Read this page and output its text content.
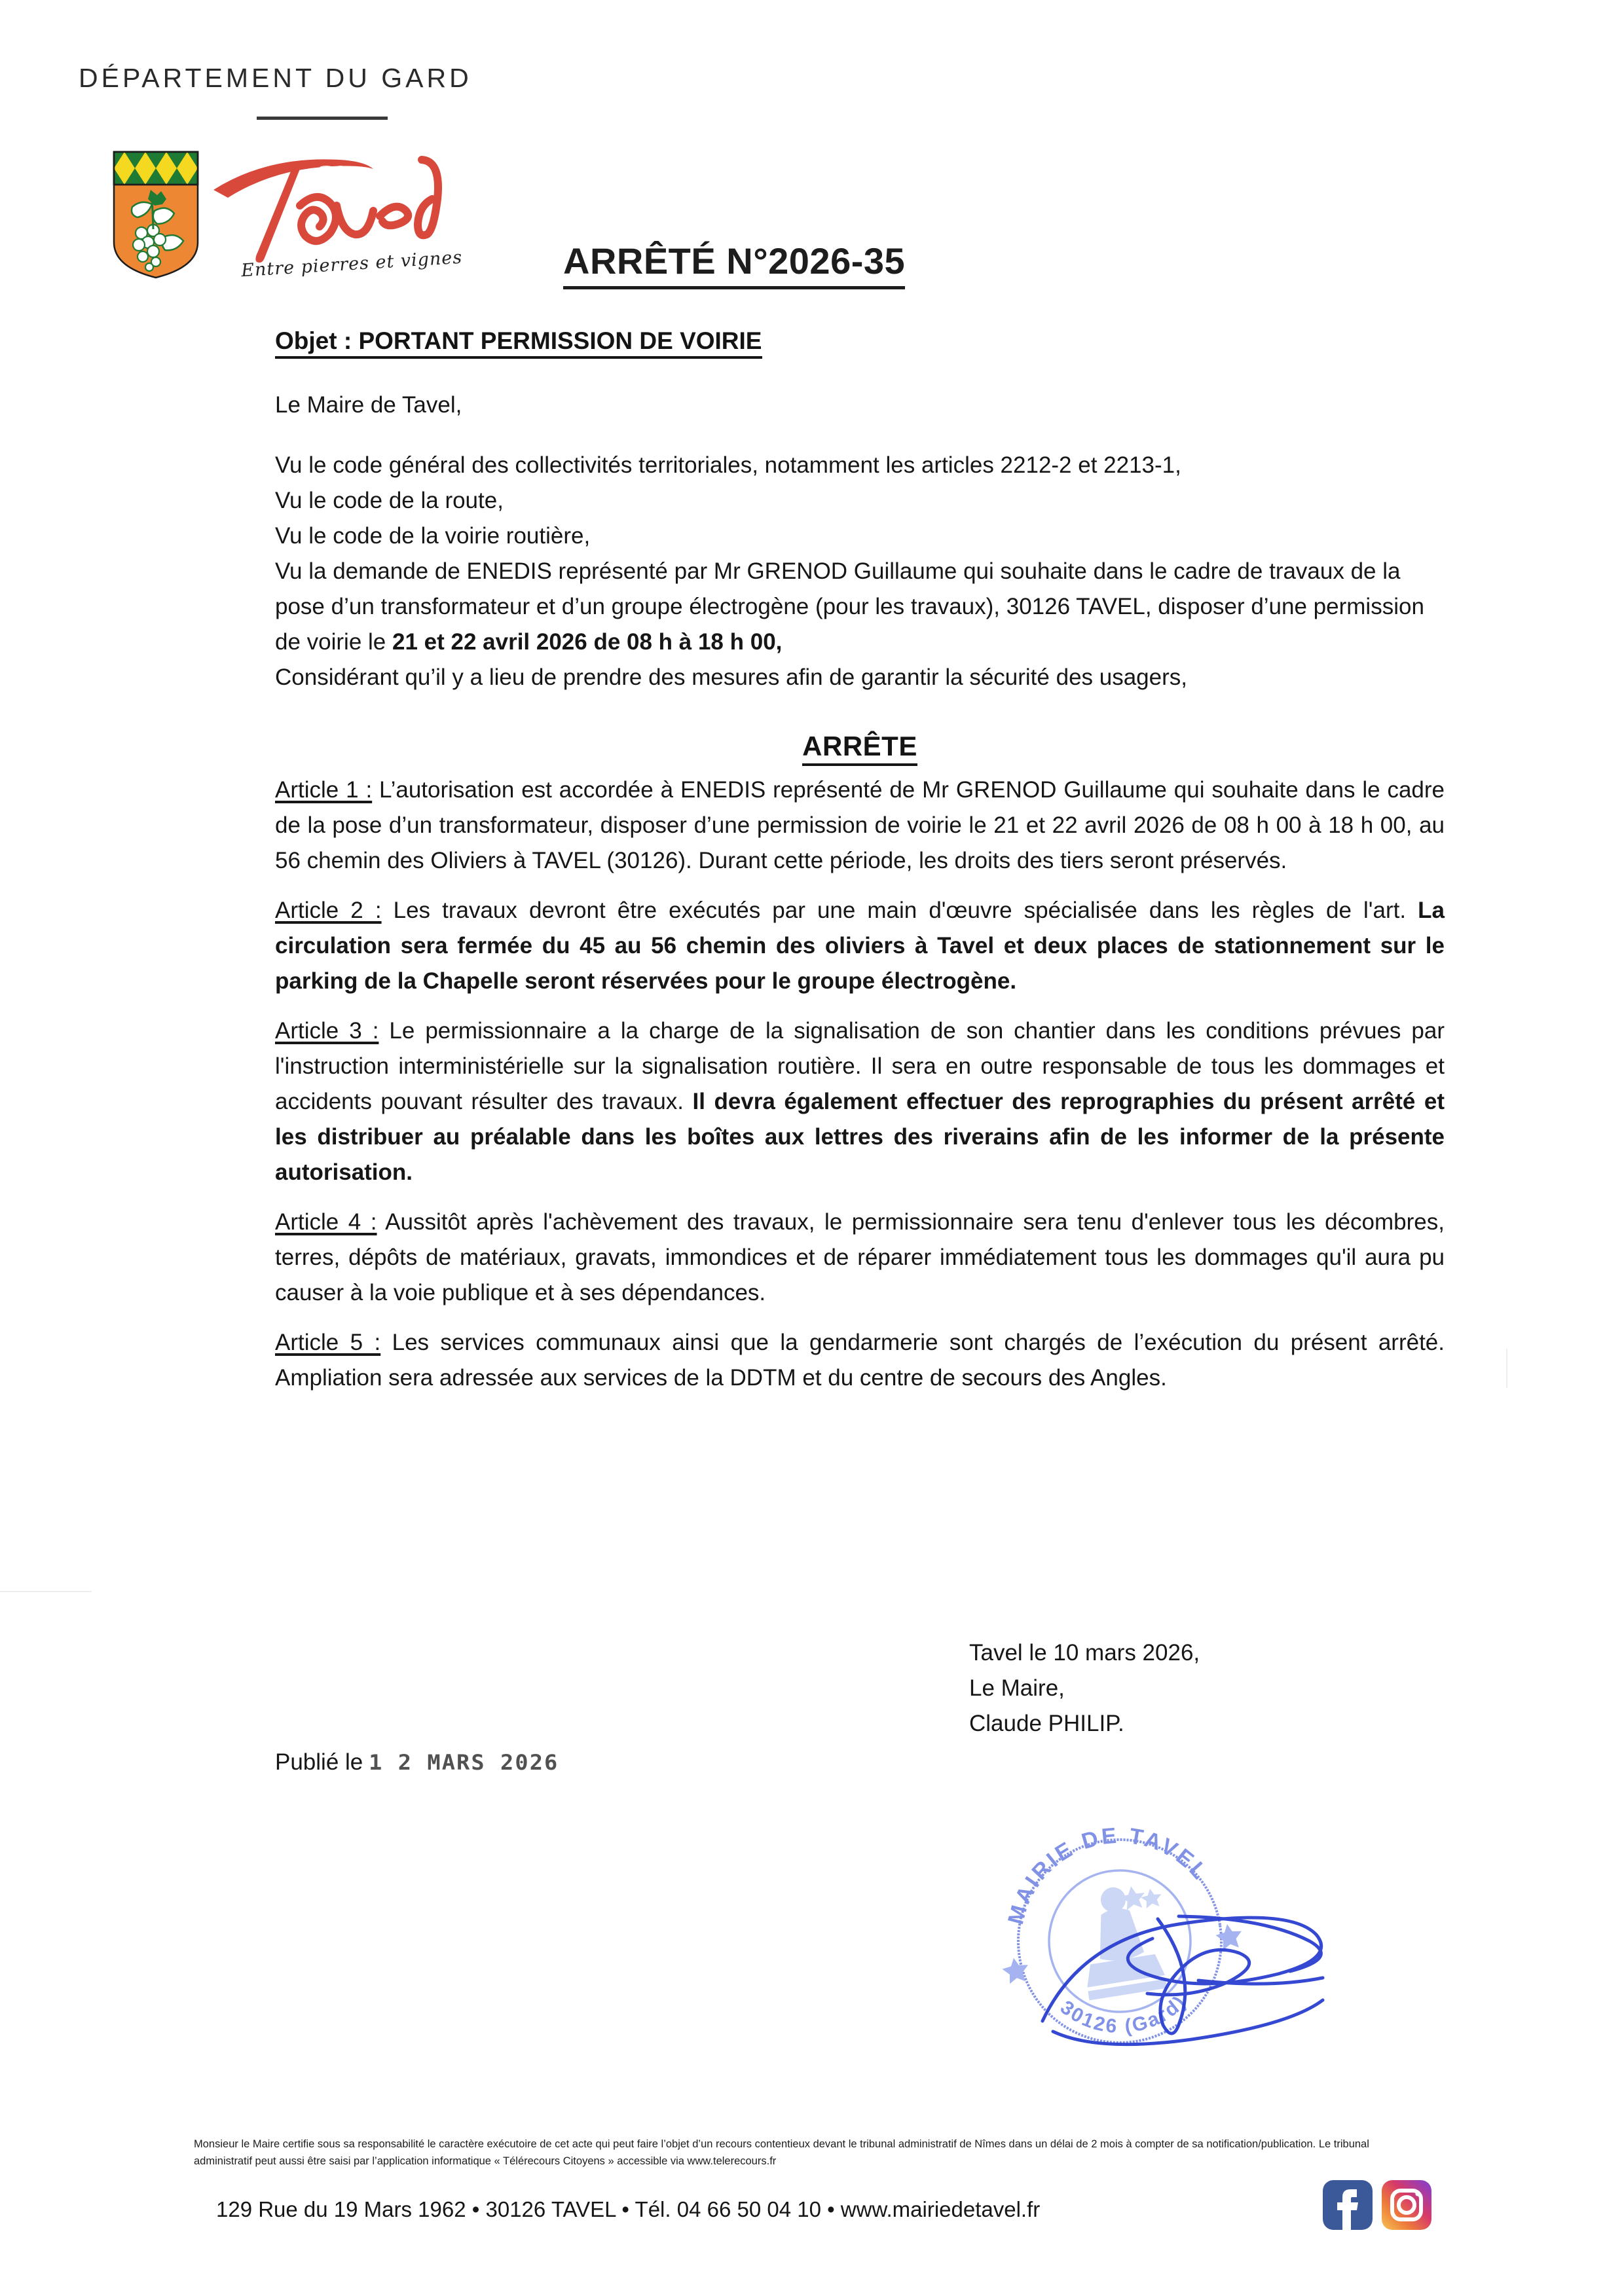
DÉPARTEMENT DU GARD
Entre pierres et vignes	ARRÊTÉ N°2026-35
Objet : PORTANT PERMISSION DE VOIRIE
Le Maire de Tavel,
Vu le code général des collectivités territoriales, notamment les articles 2212-2 et 2213-1,
Vu le code de la route,
Vu le code de la voirie routière,
Vu la demande de ENEDIS représenté par Mr GRENOD Guillaume qui souhaite dans le cadre de travaux de la pose d’un transformateur et d’un groupe électrogène (pour les travaux), 30126 TAVEL, disposer d’une permission de voirie le 21 et 22 avril 2026 de 08 h à 18 h 00,
Considérant qu’il y a lieu de prendre des mesures afin de garantir la sécurité des usagers,
ARRÊTE
Article 1 : L’autorisation est accordée à ENEDIS représenté de Mr GRENOD Guillaume qui souhaite dans le cadre de la pose d’un transformateur, disposer d’une permission de voirie le 21 et 22 avril 2026 de 08 h 00 à 18 h 00, au 56 chemin des Oliviers à TAVEL (30126). Durant cette période, les droits des tiers seront préservés.
Article 2 : Les travaux devront être exécutés par une main d'œuvre spécialisée dans les règles de l'art. La circulation sera fermée du 45 au 56 chemin des oliviers à Tavel et deux places de stationnement sur le parking de la Chapelle seront réservées pour le groupe électrogène.
Article 3 : Le permissionnaire a la charge de la signalisation de son chantier dans les conditions prévues par l'instruction interministérielle sur la signalisation routière. Il sera en outre responsable de tous les dommages et accidents pouvant résulter des travaux. Il devra également effectuer des reprographies du présent arrêté et les distribuer au préalable dans les boîtes aux lettres des riverains afin de les informer de la présente autorisation.
Article 4 : Aussitôt après l'achèvement des travaux, le permissionnaire sera tenu d'enlever tous les décombres, terres, dépôts de matériaux, gravats, immondices et de réparer immédiatement tous les dommages qu'il aura pu causer à la voie publique et à ses dépendances.
Article 5 : Les services communaux ainsi que la gendarmerie sont chargés de l’exécution du présent arrêté. Ampliation sera adressée aux services de la DDTM et du centre de secours des Angles.
Tavel le 10 mars 2026,
Le Maire,
Claude PHILIP.
Publié le 1 2 MARS 2026
MAIRIE DE TAVEL
30126 (Gard)
Monsieur le Maire certifie sous sa responsabilité le caractère exécutoire de cet acte qui peut faire l’objet d’un recours contentieux devant le tribunal administratif de Nîmes dans un délai de 2 mois à compter de sa notification/publication. Le tribunal administratif peut aussi être saisi par l’application informatique « Télérecours Citoyens » accessible via www.telerecours.fr
129 Rue du 19 Mars 1962 • 30126 TAVEL • Tél. 04 66 50 04 10 • www.mairiedetavel.fr
